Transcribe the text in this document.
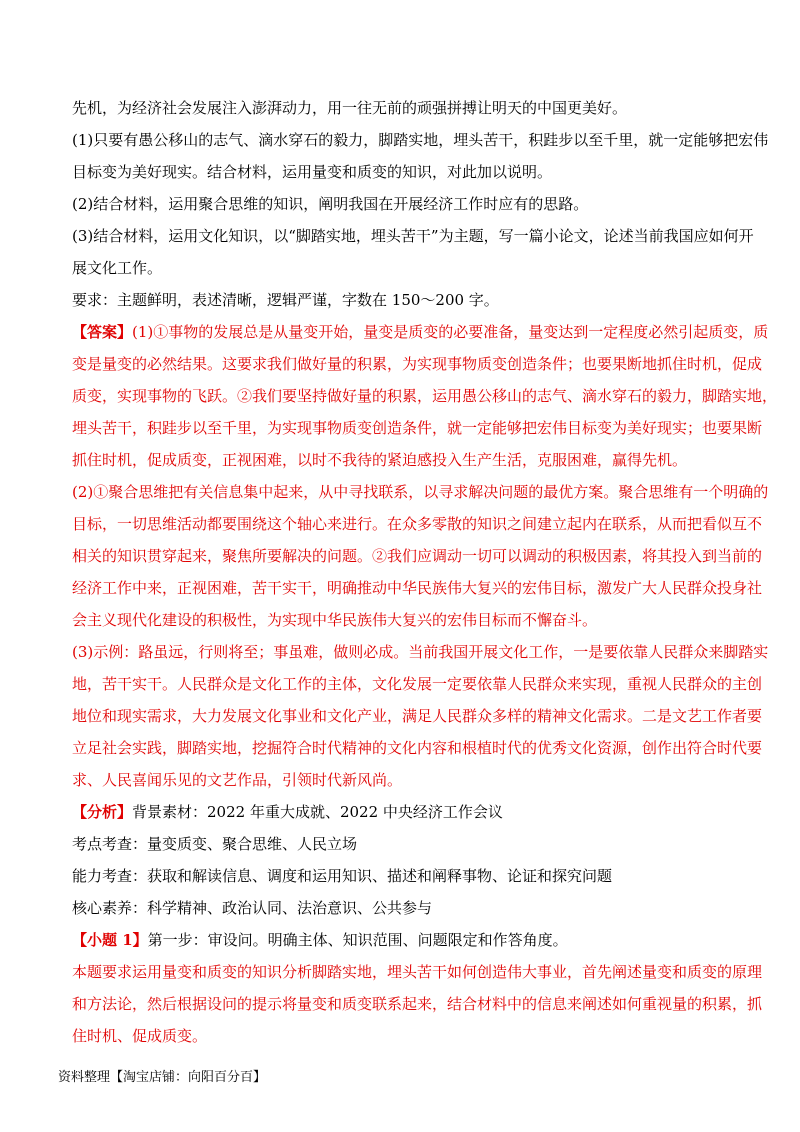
先机，为经济社会发展注入澎湃动力，用一往无前的顽强拼搏让明天的中国更美好。
(1)只要有愚公移山的志气、滴水穿石的毅力，脚踏实地，埋头苦干，积跬步以至千里，就一定能够把宏伟
目标变为美好现实。结合材料，运用量变和质变的知识，对此加以说明。
(2)结合材料，运用聚合思维的知识，阐明我国在开展经济工作时应有的思路。
(3)结合材料，运用文化知识，以“脚踏实地，埋头苦干”为主题，写一篇小论文，论述当前我国应如何开
展文化工作。
要求：主题鲜明，表述清晰，逻辑严谨，字数在 150～200 字。
【答案】(1)①事物的发展总是从量变开始，量变是质变的必要准备，量变达到一定程度必然引起质变，质
变是量变的必然结果。这要求我们做好量的积累，为实现事物质变创造条件；也要果断地抓住时机，促成
质变，实现事物的飞跃。②我们要坚持做好量的积累，运用愚公移山的志气、滴水穿石的毅力，脚踏实地，
埋头苦干，积跬步以至千里，为实现事物质变创造条件，就一定能够把宏伟目标变为美好现实；也要果断
抓住时机，促成质变，正视困难，以时不我待的紧迫感投入生产生活，克服困难，赢得先机。
(2)①聚合思维把有关信息集中起来，从中寻找联系，以寻求解决问题的最优方案。聚合思维有一个明确的
目标，一切思维活动都要围绕这个轴心来进行。在众多零散的知识之间建立起内在联系，从而把看似互不
相关的知识贯穿起来，聚焦所要解决的问题。②我们应调动一切可以调动的积极因素，将其投入到当前的
经济工作中来，正视困难，苦干实干，明确推动中华民族伟大复兴的宏伟目标，激发广大人民群众投身社
会主义现代化建设的积极性，为实现中华民族伟大复兴的宏伟目标而不懈奋斗。
(3)示例：路虽远，行则将至；事虽难，做则必成。当前我国开展文化工作，一是要依靠人民群众来脚踏实
地，苦干实干。人民群众是文化工作的主体，文化发展一定要依靠人民群众来实现，重视人民群众的主创
地位和现实需求，大力发展文化事业和文化产业，满足人民群众多样的精神文化需求。二是文艺工作者要
立足社会实践，脚踏实地，挖掘符合时代精神的文化内容和根植时代的优秀文化资源，创作出符合时代要
求、人民喜闻乐见的文艺作品，引领时代新风尚。
【分析】背景素材：2022 年重大成就、2022 中央经济工作会议
考点考查：量变质变、聚合思维、人民立场
能力考查：获取和解读信息、调度和运用知识、描述和阐释事物、论证和探究问题
核心素养：科学精神、政治认同、法治意识、公共参与
【小题 1】第一步：审设问。明确主体、知识范围、问题限定和作答角度。
本题要求运用量变和质变的知识分析脚踏实地，埋头苦干如何创造伟大事业，首先阐述量变和质变的原理
和方法论，然后根据设问的提示将量变和质变联系起来，结合材料中的信息来阐述如何重视量的积累，抓
住时机、促成质变。
资料整理【淘宝店铺：向阳百分百】
